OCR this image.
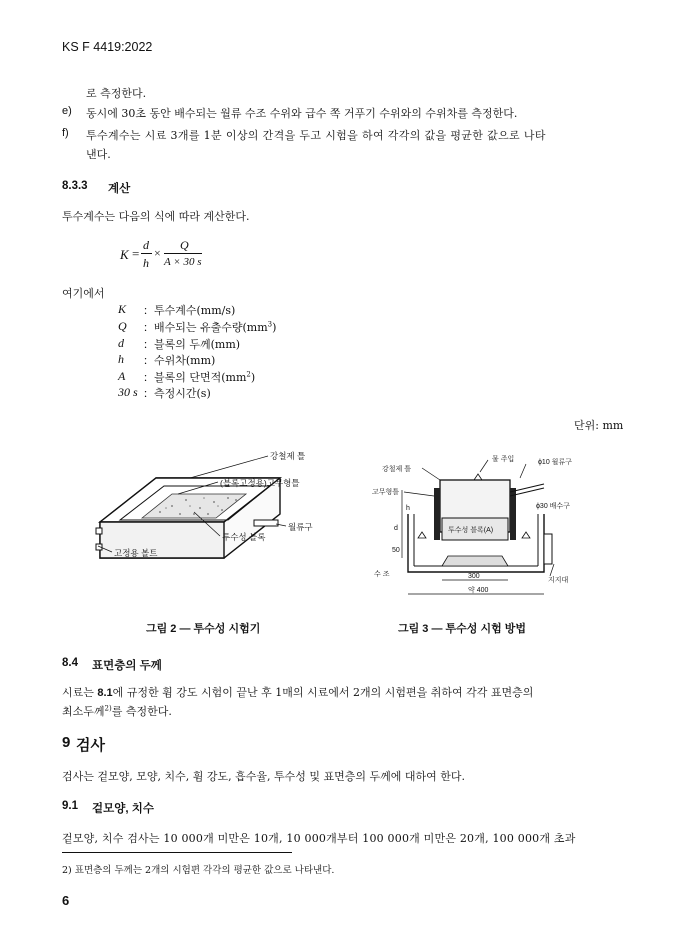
KS F 4419:2022
로 측정한다.
e) 동시에 30초 동안 배수되는 월류 수조 수위와 급수 쪽 거푸기 수위와의 수위차를 측정한다.
f) 투수계수는 시료 3개를 1분 이상의 간격을 두고 시험을 하여 각각의 값을 평균한 값으로 나타
낸다.
8.3.3 계산
투수계수는 다음의 식에 따라 계산한다.
K =
d
h
×
Q
A × 30 s
여기에서
K ：투수계수(mm/s)
Q ：배수되는 유출수량$(mm^3)$
d ：블록의 두께(mm)
h ：수위차(mm)
A ：블록의 단면적$(mm^2)$
30 s ：측정시간(s)
단위: mm
강철제 틀
(블록고정용)고무형틀
월류구
투수성 블록
고정용 볼트
물 주입	ϕ10 월류구
강철제 틀
고무형틀
투수성 블록(A)
ϕ30 배수구
h
d
50
수 조	300
약 400
지지대
그림 2 — 투수성 시험기	그림 3 — 투수성 시험 방법
8.4 표면층의 두께
시료는 8.1에 규정한 휨 강도 시험이 끝난 후 1매의 시료에서 2개의 시험편을 취하여 각각 표면층의
최소두께$^{2)}$를 측정한다.
9 검사
검사는 겉모양, 모양, 치수, 휨 강도, 흡수율, 투수성 및 표면층의 두께에 대하여 한다.
9.1 겉모양, 치수
겉모양, 치수 검사는 10 000개 미만은 10개, 10 000개부터 100 000개 미만은 20개, 100 000개 초과
2) 표면층의 두께는 2개의 시험편 각각의 평균한 값으로 나타낸다.
6
